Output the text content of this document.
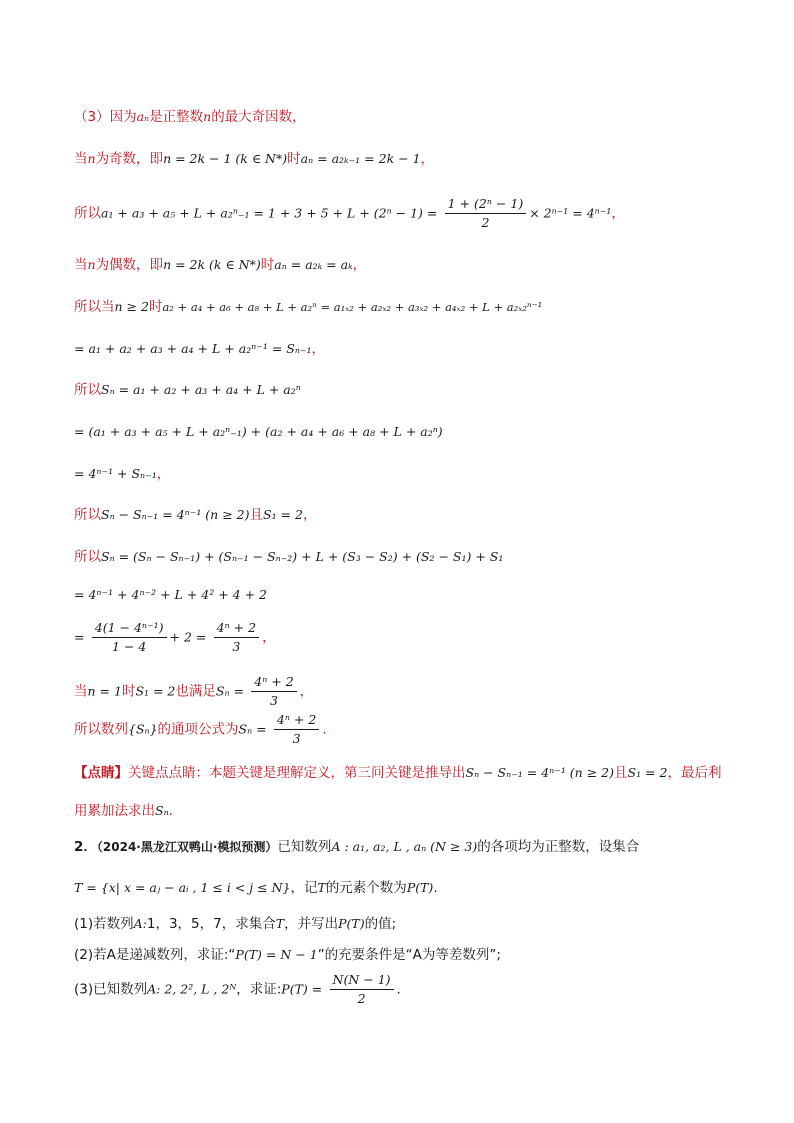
（3）因为aₙ是正整数n的最大奇因数，
当n为奇数，即n = 2k − 1 (k ∈ N*)时aₙ = a₂ₖ₋₁ = 2k − 1，
所以$a_1 + a_3 + a_5 + L + a_2^n_{-1} = 1 + 3 + 5 + L + (2^n - 1) = \frac{\text{1 + (2ⁿ − 1)}}{2} \times 2^{n-1} = 4^{n-1}$，
当n为偶数，即n = 2k (k ∈ N*)时aₙ = a₂ₖ = aₖ，
所以当n ≥ 2时a₂ + a₄ + a₆ + a₈ + L + a₂ⁿ = a₁ₓ₂ + a₂ₓ₂ + a₃ₓ₂ + a₄ₓ₂ + L + a₂ₓ₂ⁿ⁻¹
= a₁ + a₂ + a₃ + a₄ + L + a₂ⁿ⁻¹ = Sₙ₋₁，
所以Sₙ = a₁ + a₂ + a₃ + a₄ + L + a₂ⁿ
= (a₁ + a₃ + a₅ + L + a₂ⁿ₋₁) + (a₂ + a₄ + a₆ + a₈ + L + a₂ⁿ)
= 4ⁿ⁻¹ + Sₙ₋₁，
所以Sₙ − Sₙ₋₁ = 4ⁿ⁻¹ (n ≥ 2)且S₁ = 2，
所以Sₙ = (Sₙ − Sₙ₋₁) + (Sₙ₋₁ − Sₙ₋₂) + L + (S₃ − S₂) + (S₂ − S₁) + S₁
= 4ⁿ⁻¹ + 4ⁿ⁻² + L + 4² + 4 + 2
= $\frac{\text{4(1 − 4ⁿ⁻¹)}}{1 - 4} + 2 = \frac{\text{4ⁿ + 2}}{3}$ ，
当n = 1时S₁ = 2也满足$S_n = \frac{\text{4ⁿ + 2}}{3}$ ，
所以数列{Sₙ}的通项公式为$S_n = \frac{\text{4ⁿ + 2}}{3}$ .
【点睛】关键点点睛：本题关键是理解定义，第三问关键是推导出Sₙ − Sₙ₋₁ = 4ⁿ⁻¹ (n ≥ 2)且S₁ = 2，最后利
用累加法求出Sₙ.
2．（2024·黑龙江双鸭山·模拟预测）已知数列A : a₁, a₂, L , aₙ (N ≥ 3)的各项均为正整数，设集合
T = {x| x = aⱼ − aᵢ , 1 ≤ i < j ≤ N}，记T的元素个数为P(T).
(1)若数列A:1，3，5，7，求集合T，并写出P(T)的值;
(2)若A是递减数列，求证:“P(T) = N − 1”的充要条件是“A为等差数列”;
(3)已知数列A: 2, 2², L , 2ᴺ，求证:P(T) = $\frac{N(N - 1)}{2}$ .
